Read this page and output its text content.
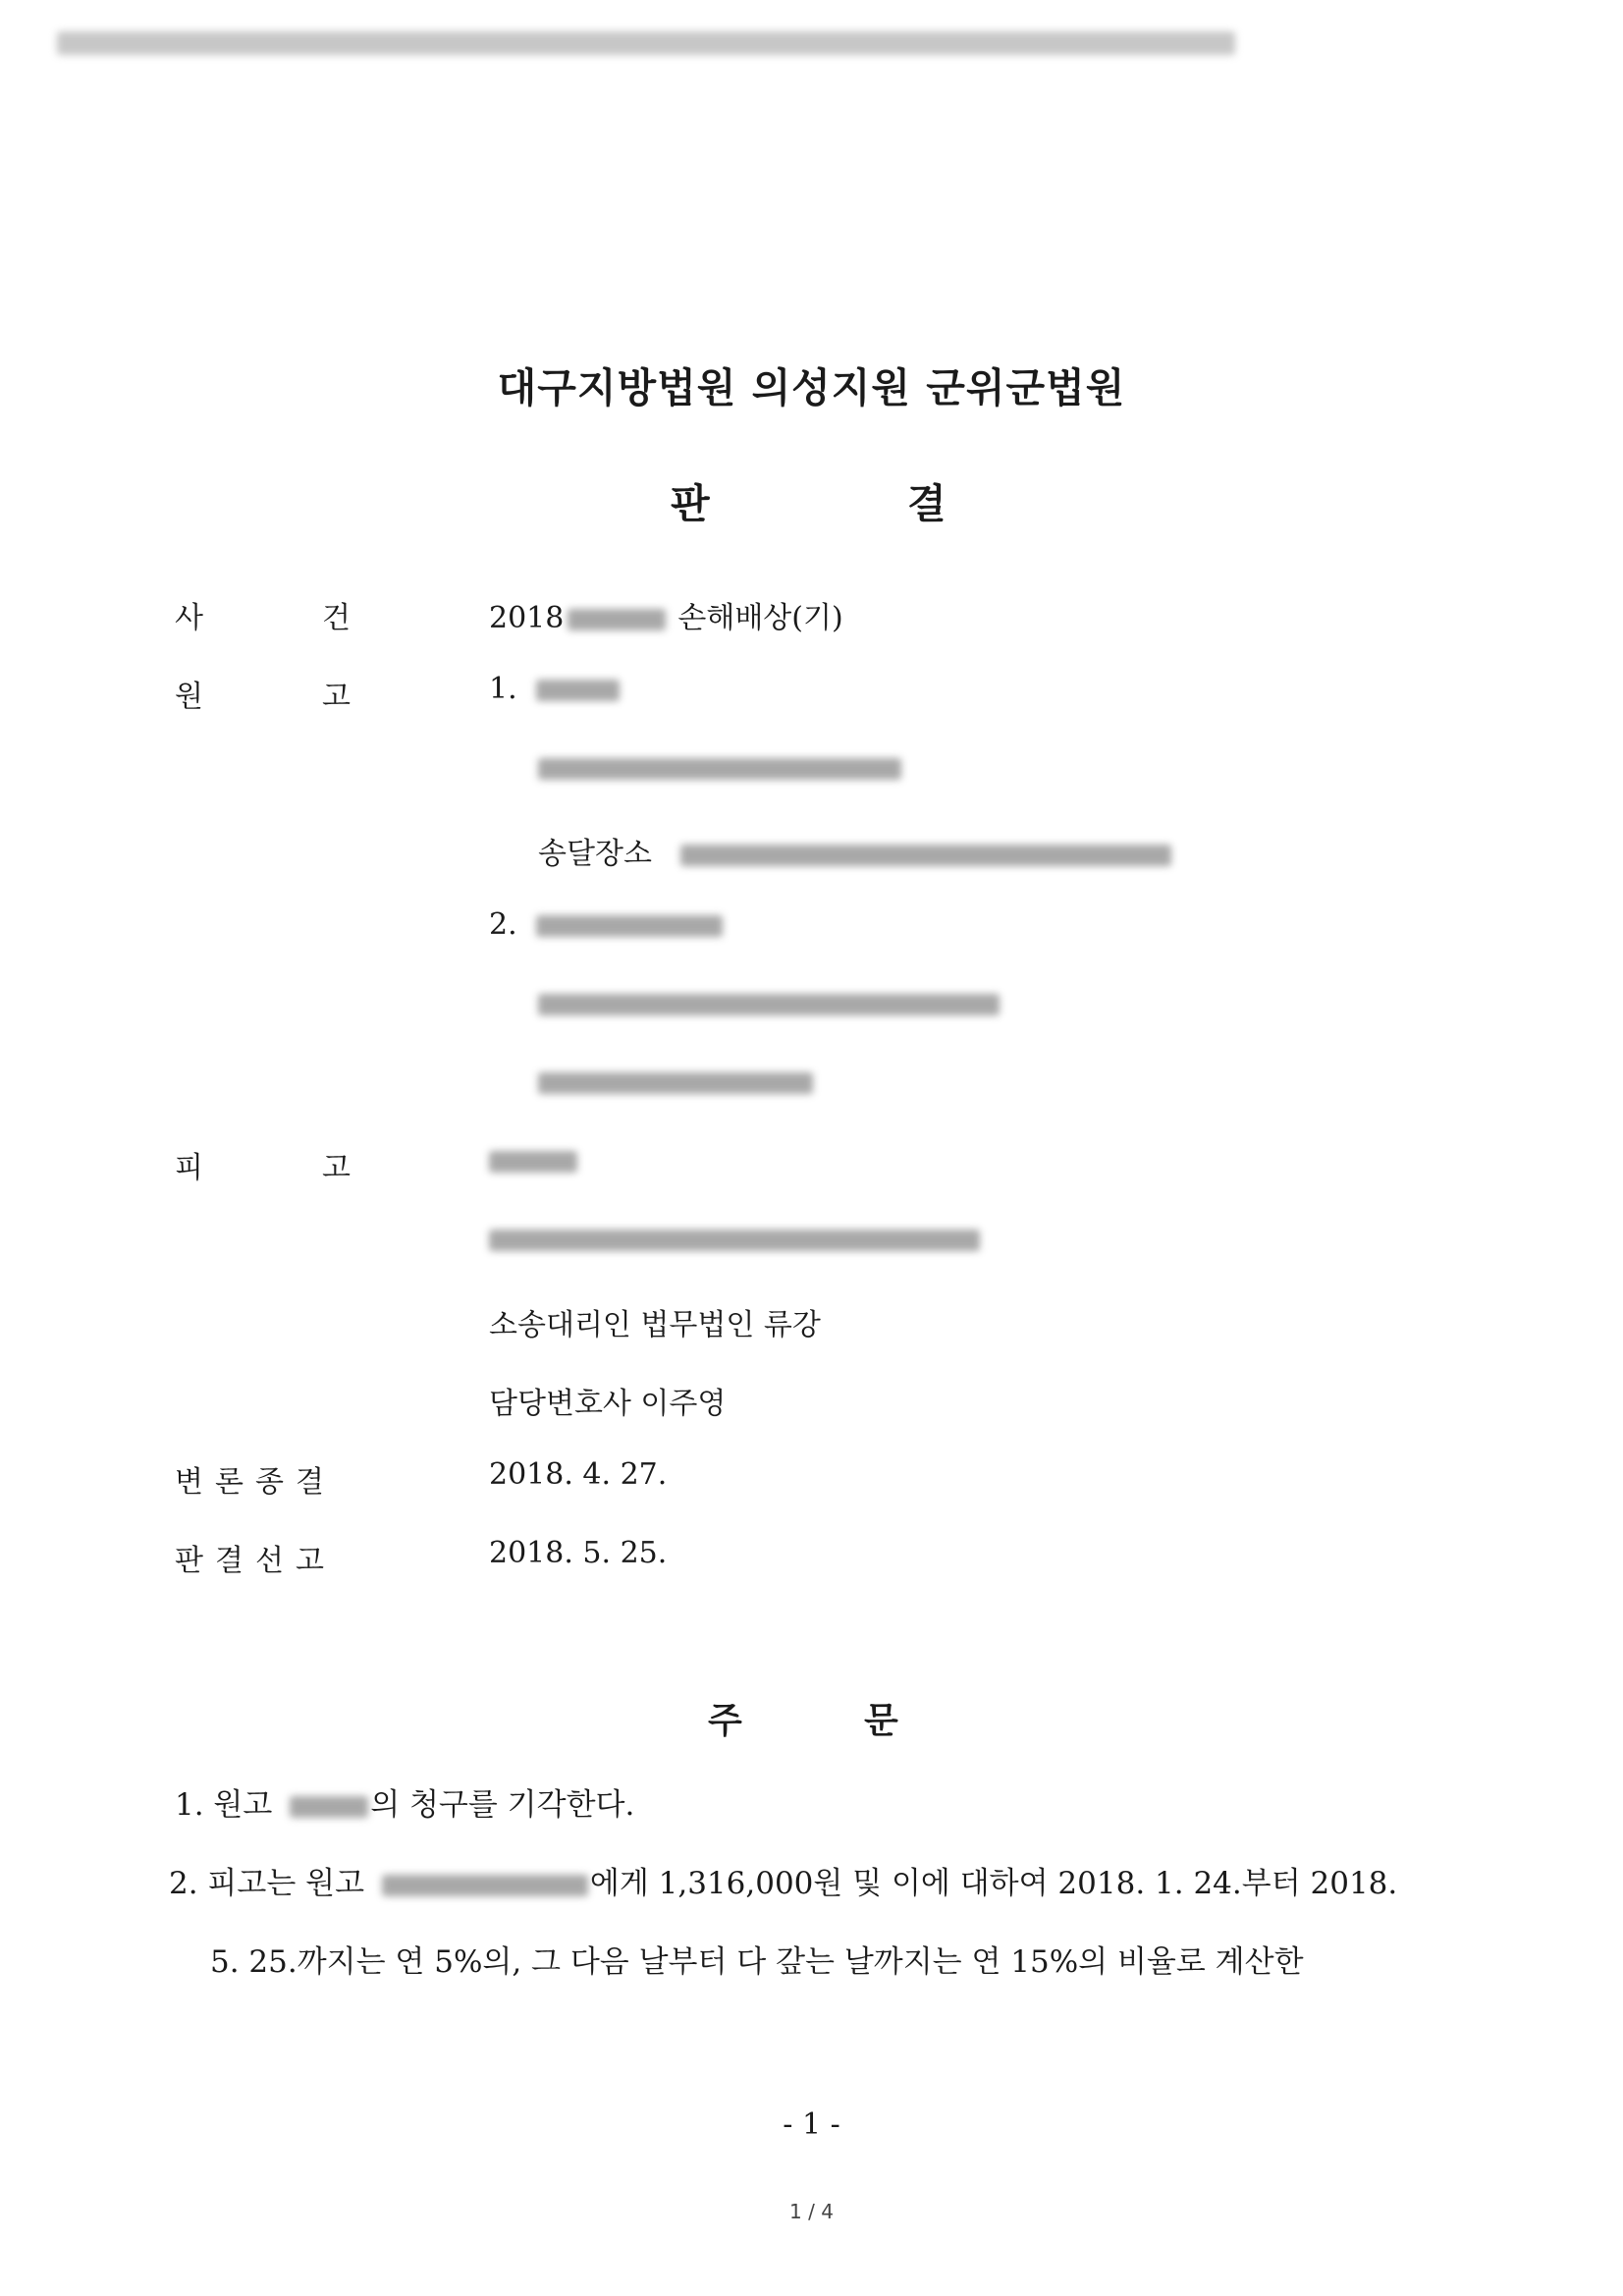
대구지방법원 의성지원 군위군법원
판	결
사	건	2018	손해배상(기)
원	고	1.
송달장소
2.
피	고
소송대리인 법무법인 류강
담당변호사 이주영
변론종결	2018. 4. 27.
판결선고	2018. 5. 25.
주	문
1. 원고	의 청구를 기각한다.
2. 피고는 원고	에게 1,316,000원 및 이에 대하여 2018. 1. 24.부터 2018.
5. 25.까지는 연 5%의, 그 다음 날부터 다 갚는 날까지는 연 15%의 비율로 계산한
- 1 -
1 / 4
